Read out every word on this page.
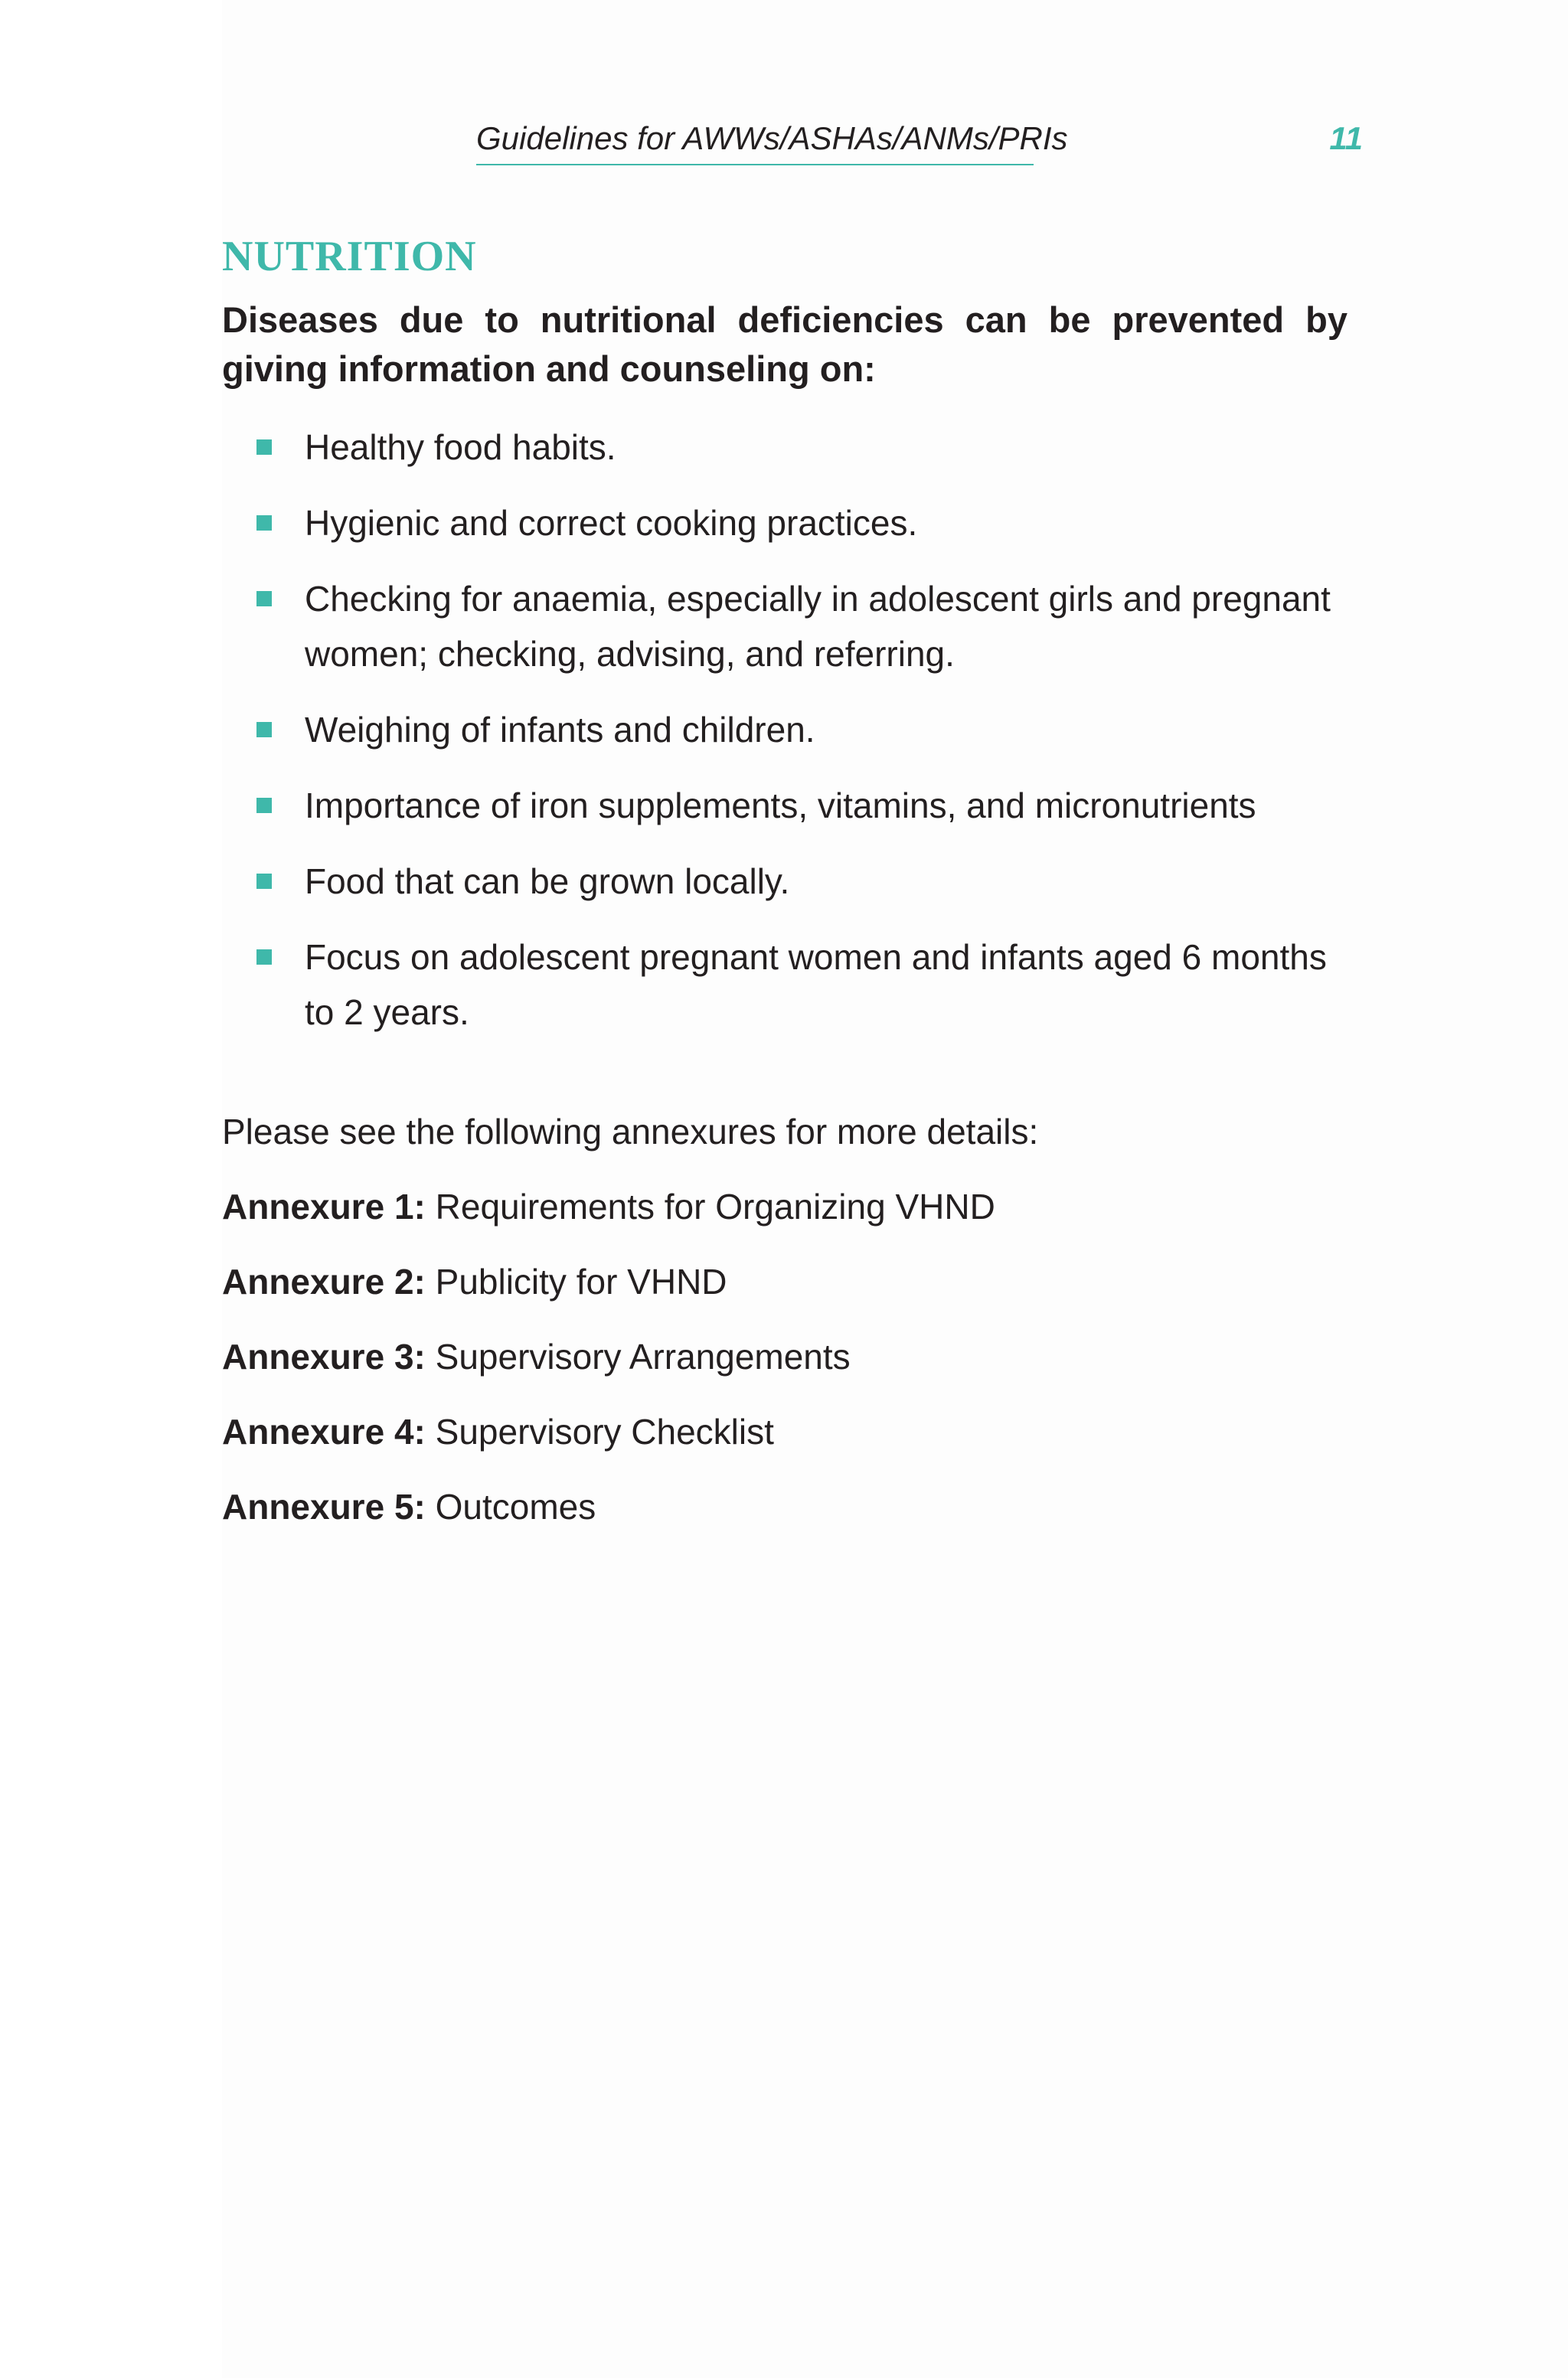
Guidelines for AWWs/ASHAs/ANMs/PRIs	11
NUTRITION
Diseases due to nutritional deficiencies can be prevented by giving information and counseling on:
Healthy food habits.
Hygienic and correct cooking practices.
Checking for anaemia, especially in adolescent girls and pregnant women; checking, advising, and referring.
Weighing of infants and children.
Importance of iron supplements, vitamins, and micronutrients
Food that can be grown locally.
Focus on adolescent pregnant women and infants aged 6 months to 2 years.
Please see the following annexures for more details:
Annexure 1: Requirements for Organizing VHND
Annexure 2: Publicity for VHND
Annexure 3: Supervisory Arrangements
Annexure 4: Supervisory Checklist
Annexure 5: Outcomes
